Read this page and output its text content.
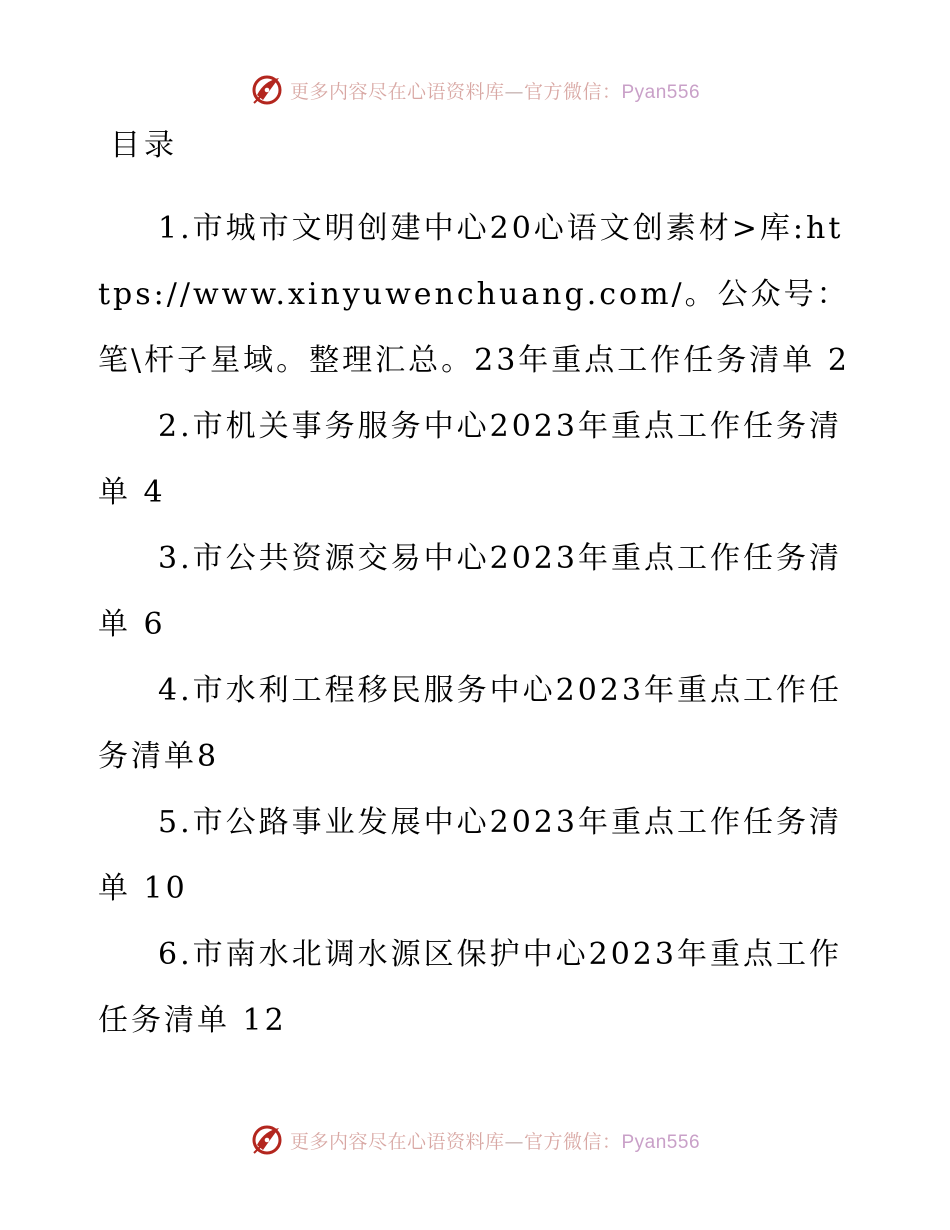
更多内容尽在心语资料库—官方微信：Pyan556
目录
1.市城市文明创建中心20心语文创素材>库:https://www.xinyuwenchuang.com/。公众号：笔\杆子星域。整理汇总。23年重点工作任务清单 2
2.市机关事务服务中心2023年重点工作任务清单 4
3.市公共资源交易中心2023年重点工作任务清单 6
4.市水利工程移民服务中心2023年重点工作任务清单8
5.市公路事业发展中心2023年重点工作任务清单 10
6.市南水北调水源区保护中心2023年重点工作任务清单 12
更多内容尽在心语资料库—官方微信：Pyan556
